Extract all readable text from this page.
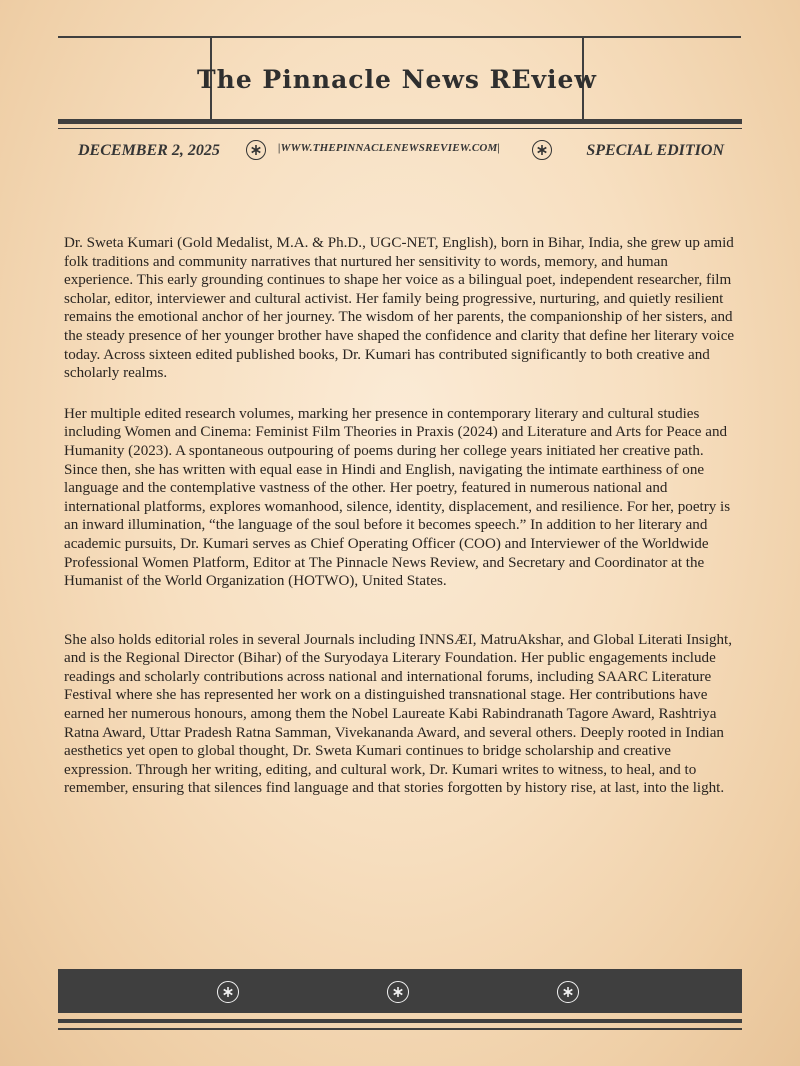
The Pinnacle News REview
DECEMBER 2, 2025	|WWW.THEPINNACLENEWSREVIEW.COM|	SPECIAL EDITION

Dr. Sweta Kumari (Gold Medalist, M.A. & Ph.D., UGC-NET, English), born in Bihar, India, she grew up amid folk traditions and community narratives that nurtured her sensitivity to words, memory, and human experience. This early grounding continues to shape her voice as a bilingual poet, independent researcher, film scholar, editor, interviewer and cultural activist. Her family being progressive, nurturing, and quietly resilient remains the emotional anchor of her journey. The wisdom of her parents, the companionship of her sisters, and the steady presence of her younger brother have shaped the confidence and clarity that define her literary voice today. Across sixteen edited published books, Dr. Kumari has contributed significantly to both creative and scholarly realms.

Her multiple edited research volumes, marking her presence in contemporary literary and cultural studies including Women and Cinema: Feminist Film Theories in Praxis (2024) and Literature and Arts for Peace and Humanity (2023). A spontaneous outpouring of poems during her college years initiated her creative path. Since then, she has written with equal ease in Hindi and English, navigating the intimate earthiness of one language and the contemplative vastness of the other. Her poetry, featured in numerous national and international platforms, explores womanhood, silence, identity, displacement, and resilience. For her, poetry is an inward illumination, “the language of the soul before it becomes speech.” In addition to her literary and academic pursuits, Dr. Kumari serves as Chief Operating Officer (COO) and Interviewer of the Worldwide Professional Women Platform, Editor at The Pinnacle News Review, and Secretary and Coordinator at the Humanist of the World Organization (HOTWO), United States.

She also holds editorial roles in several Journals including INNSÆI, MatruAkshar, and Global Literati Insight, and is the Regional Director (Bihar) of the Suryodaya Literary Foundation. Her public engagements include readings and scholarly contributions across national and international forums, including SAARC Literature Festival where she has represented her work on a distinguished transnational stage. Her contributions have earned her numerous honours, among them the Nobel Laureate Kabi Rabindranath Tagore Award, Rashtriya Ratna Award, Uttar Pradesh Ratna Samman, Vivekananda Award, and several others. Deeply rooted in Indian aesthetics yet open to global thought, Dr. Sweta Kumari continues to bridge scholarship and creative expression. Through her writing, editing, and cultural work, Dr. Kumari writes to witness, to heal, and to remember, ensuring that silences find language and that stories forgotten by history rise, at last, into the light.
